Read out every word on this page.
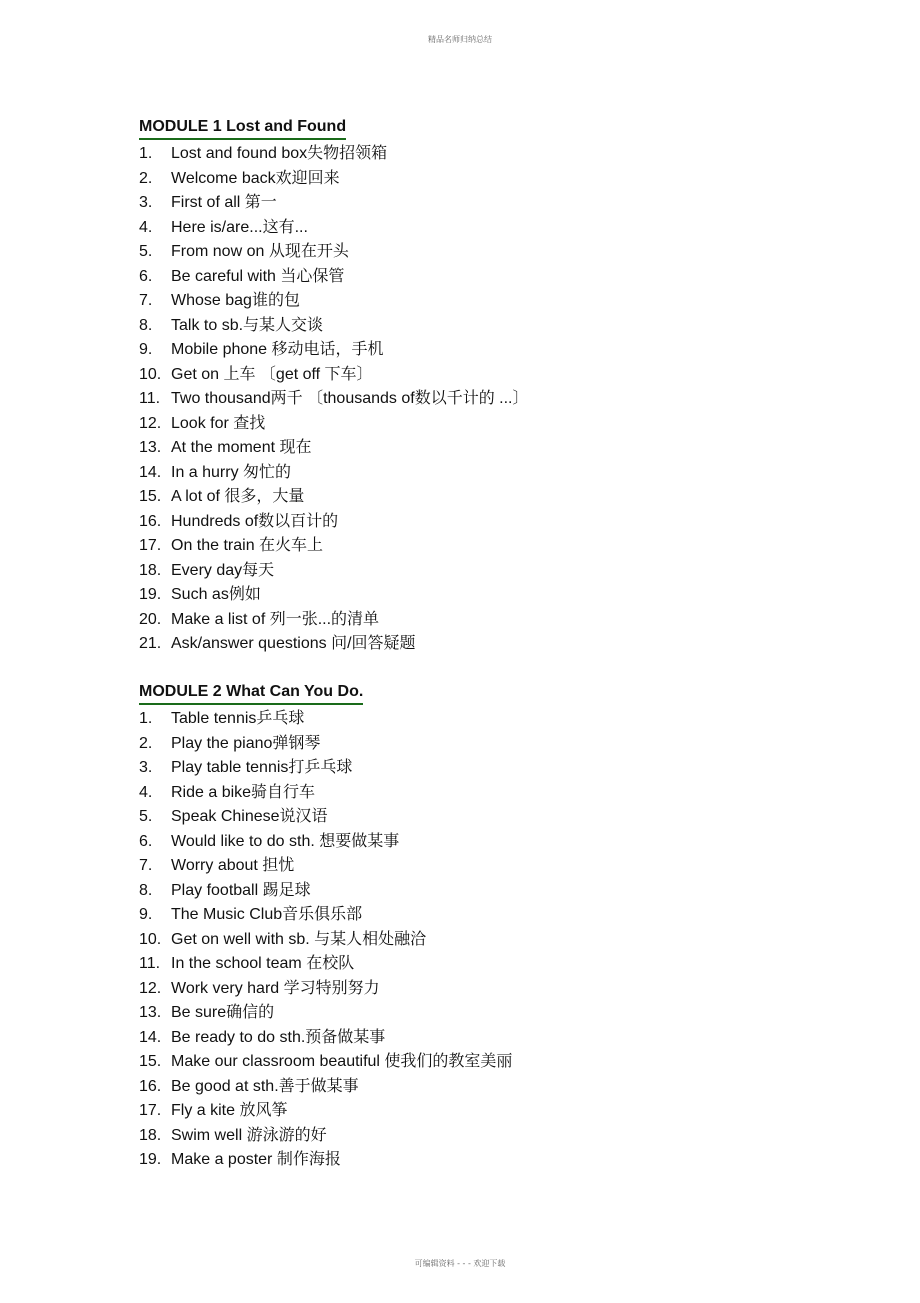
精品名师归纳总结
MODULE 1 Lost and Found
1.	Lost and found box失物招领箱
2.	Welcome back欢迎回来
3.	First of all 第一
4.	Here is/are...这有...
5.	From now on 从现在开头
6.	Be careful with 当心保管
7.	Whose bag谁的包
8.	Talk to sb.与某人交谈
9.	Mobile phone 移动电话，手机
10. Get on 上车 〔get off 下车〕
11. Two thousand两千 〔thousands of数以千计的 ...〕
12. Look for 查找
13. At the moment 现在
14. In a hurry 匆忙的
15. A lot of 很多，大量
16. Hundreds of数以百计的
17. On the train 在火车上
18. Every day每天
19. Such as例如
20. Make a list of 列一张...的清单
21. Ask/answer questions 问/回答疑题
MODULE 2 What Can You Do.
1.	Table tennis乒乓球
2.	Play the piano弹钢琴
3.	Play table tennis打乒乓球
4.	Ride a bike骑自行车
5.	Speak Chinese说汉语
6.	Would like to do sth. 想要做某事
7.	Worry about 担忧
8.	Play football 踢足球
9.	The Music Club音乐俱乐部
10. Get on well with sb. 与某人相处融洽
11. In the school team 在校队
12. Work very hard 学习特别努力
13. Be sure确信的
14. Be ready to do sth.预备做某事
15. Make our classroom beautiful 使我们的教室美丽
16. Be good at sth.善于做某事
17. Fly a kite 放风筝
18. Swim well 游泳游的好
19. Make a poster 制作海报
可编辑资料 - - - 欢迎下载
